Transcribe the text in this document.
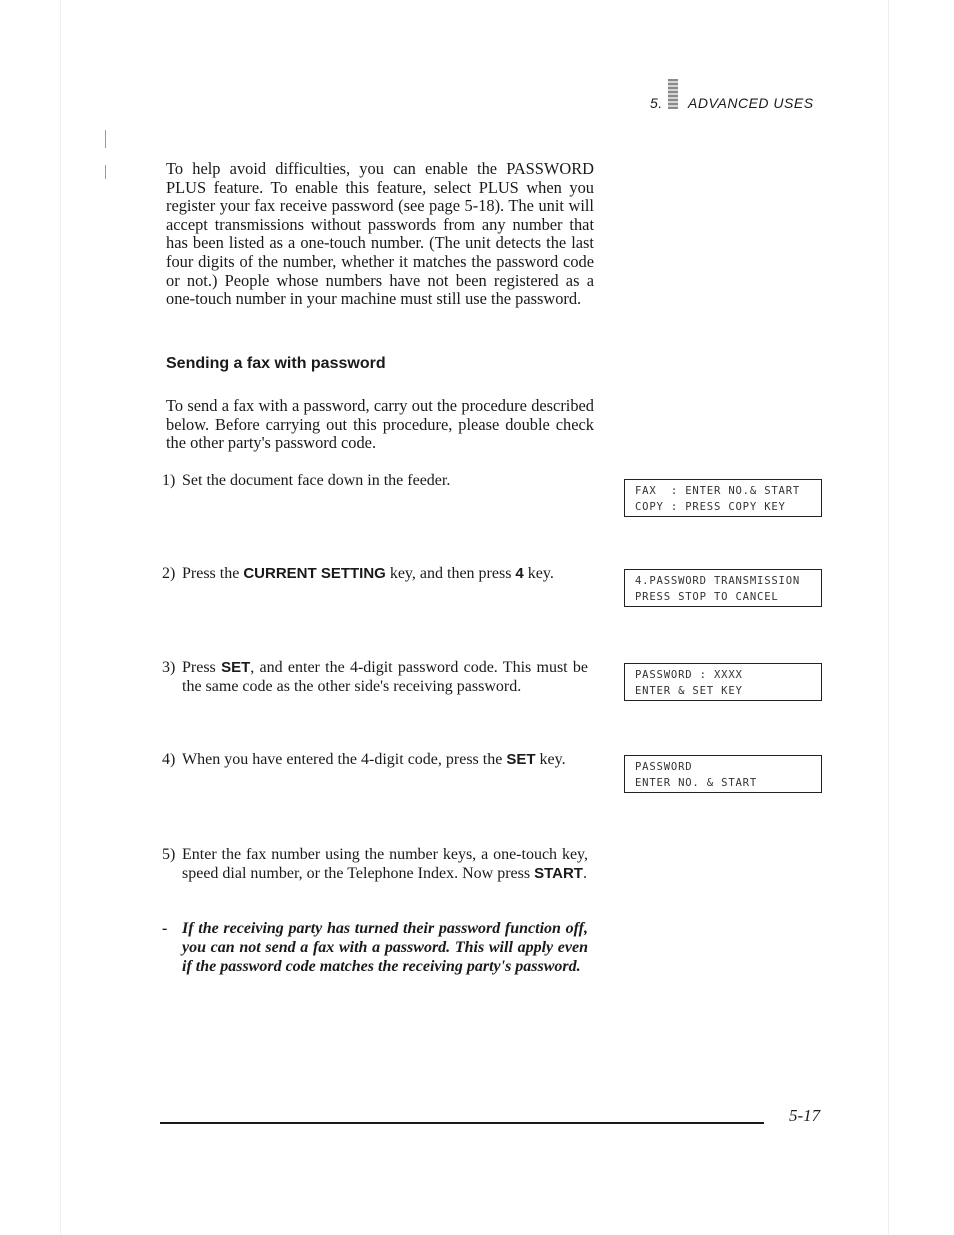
5. ADVANCED USES

To help avoid difficulties, you can enable the PASSWORD PLUS feature. To enable this feature, select PLUS when you register your fax receive password (see page 5-18). The unit will accept transmissions without passwords from any number that has been listed as a one-touch number. (The unit detects the last four digits of the number, whether it matches the password code or not.) People whose numbers have not been registered as a one-touch number in your machine must still use the password.

Sending a fax with password

To send a fax with a password, carry out the procedure described below. Before carrying out this procedure, please double check the other party's password code.

1) Set the document face down in the feeder.

FAX  : ENTER NO.& START
COPY : PRESS COPY KEY

2) Press the CURRENT SETTING key, and then press 4 key.	4.PASSWORD TRANSMISSION
PRESS STOP TO CANCEL

3) Press SET, and enter the 4-digit password code. This must be the same code as the other side's receiving password.

PASSWORD : XXXX
ENTER & SET KEY

4) When you have entered the 4-digit code, press the SET key.	PASSWORD
ENTER NO. & START

5) Enter the fax number using the number keys, a one-touch key, speed dial number, or the Telephone Index. Now press START.

- If the receiving party has turned their password function off, you can not send a fax with a password. This will apply even if the password code matches the receiving party's password.

5-17
